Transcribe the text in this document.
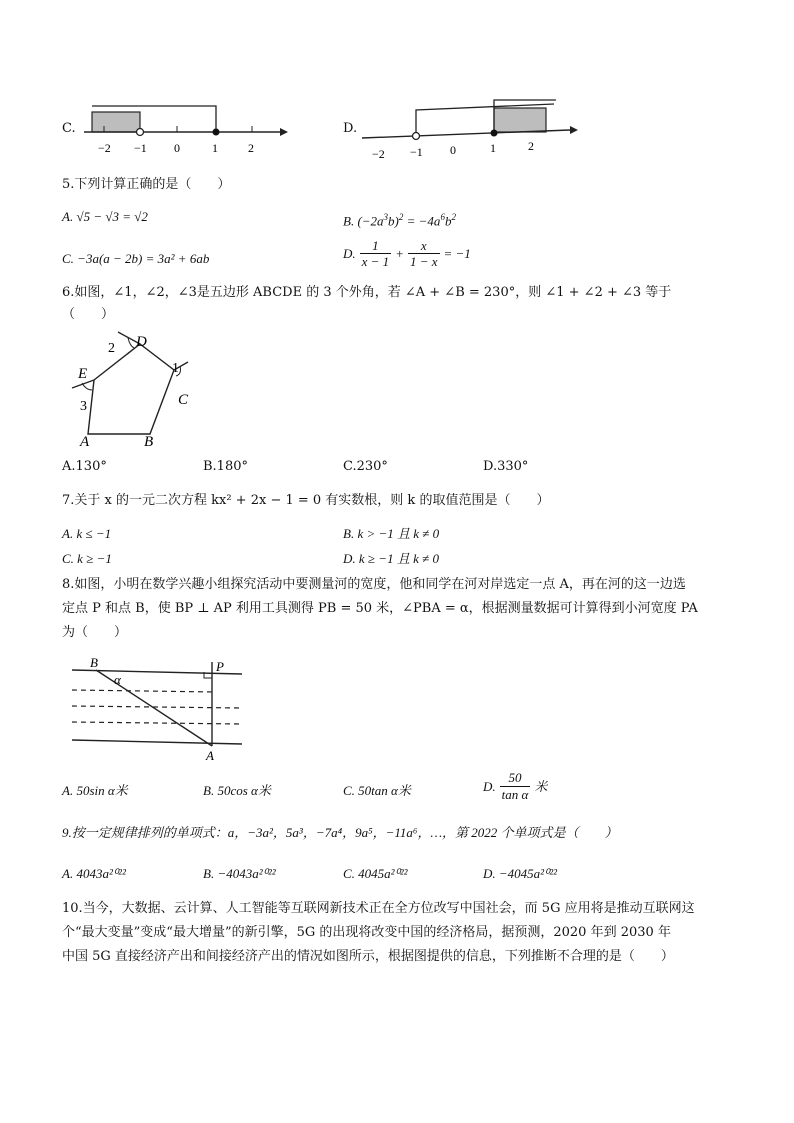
C.
−2 −1 0	1	2
D.
−2 −1 0	1	2
5.下列计算正确的是（　　）
A. √5 − √3 = √2	B. $(-2a^3b)^2 = -4a^6b^2$
C. −3a(a − 2b) = 3a² + 6ab	D. 1
x − 1
+ $\frac{x}{1 - x} = -1$
6.如图，∠1，∠2，∠3是五边形 ABCDE 的 3 个外角，若 ∠A + ∠B = 230°，则 ∠1 + ∠2 + ∠3 等于
（　　）
3
2
1
E
D
C
A	B
A.130°	B.180°	C.230°	D.330°
7.关于 x 的一元二次方程 kx² + 2x − 1 = 0 有实数根，则 k 的取值范围是（　　）
A. k ≤ −1	B. k > −1 且 k ≠ 0
C. k ≥ −1	D. k ≥ −1 且 k ≠ 0
8.如图，小明在数学兴趣小组探究活动中要测量河的宽度，他和同学在河对岸选定一点 A，再在河的这一边选
定点 P 和点 B，使 BP ⊥ AP 利用工具测得 PB = 50 米，∠PBA = α，根据测量数据可计算得到小河宽度 PA
为（　　）
B	P
A
α
A. 50sin α米	B. 50cos α米	C. 50tan α米	D.
50
tan α
米
9.按一定规律排列的单项式：a，−3a²，5a³，−7a⁴，9a⁵，−11a⁶，…，第 2022 个单项式是（　　）
A. 4043a²⁰²²	B. −4043a²⁰²²	C. 4045a²⁰²²	D. −4045a²⁰²²
10.当今，大数据、云计算、人工智能等互联网新技术正在全方位改写中国社会，而 5G 应用将是推动互联网这
个“最大变量”变成“最大增量”的新引擎，5G 的出现将改变中国的经济格局，据预测，2020 年到 2030 年
中国 5G 直接经济产出和间接经济产出的情况如图所示，根据图提供的信息，下列推断不合理的是（　　）
